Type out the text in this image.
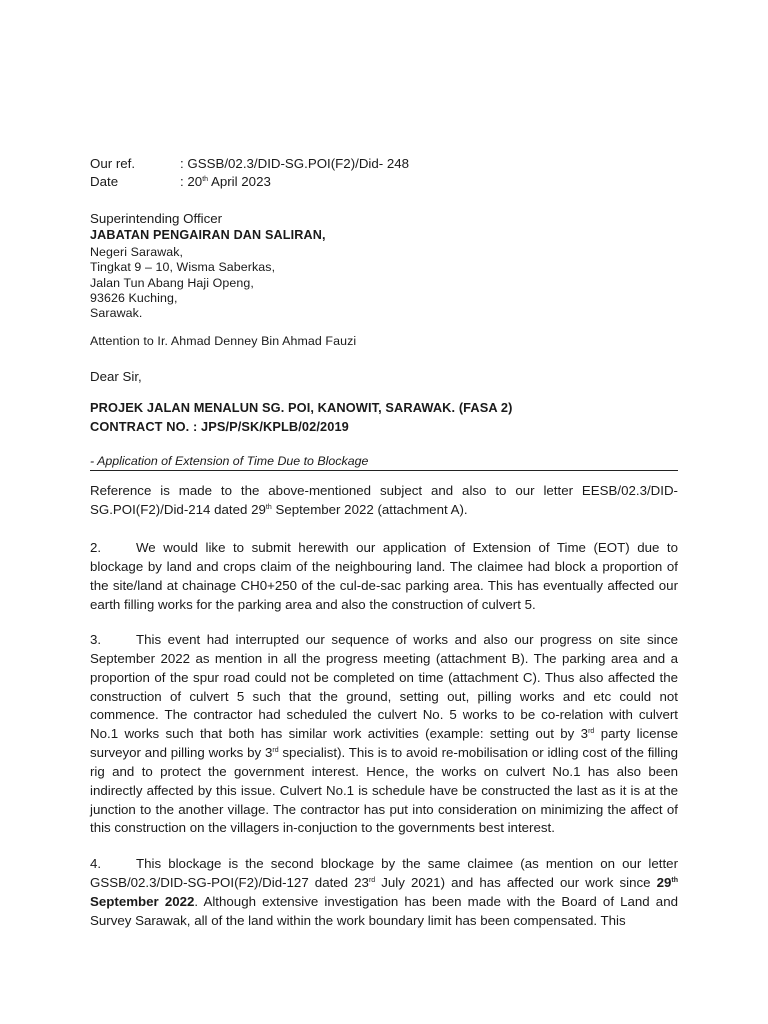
Our ref.	: GSSB/02.3/DID-SG.POI(F2)/Did- 248
Date	: 20th April 2023
Superintending Officer
JABATAN PENGAIRAN DAN SALIRAN,
Negeri Sarawak,
Tingkat 9 – 10, Wisma Saberkas,
Jalan Tun Abang Haji Openg,
93626 Kuching,
Sarawak.
Attention to Ir. Ahmad Denney Bin Ahmad Fauzi
Dear Sir,
PROJEK JALAN MENALUN SG. POI, KANOWIT, SARAWAK. (FASA 2)
CONTRACT NO. : JPS/P/SK/KPLB/02/2019
- Application of Extension of Time Due to Blockage
Reference is made to the above-mentioned subject and also to our letter EESB/02.3/DID-SG.POI(F2)/Did-214 dated 29th September 2022 (attachment A).
2.	We would like to submit herewith our application of Extension of Time (EOT) due to blockage by land and crops claim of the neighbouring land. The claimee had block a proportion of the site/land at chainage CH0+250 of the cul-de-sac parking area. This has eventually affected our earth filling works for the parking area and also the construction of culvert 5.
3.	This event had interrupted our sequence of works and also our progress on site since September 2022 as mention in all the progress meeting (attachment B). The parking area and a proportion of the spur road could not be completed on time (attachment C). Thus also affected the construction of culvert 5 such that the ground, setting out, pilling works and etc could not commence. The contractor had scheduled the culvert No. 5 works to be co-relation with culvert No.1 works such that both has similar work activities (example: setting out by 3rd party license surveyor and pilling works by 3rd specialist). This is to avoid re-mobilisation or idling cost of the filling rig and to protect the government interest. Hence, the works on culvert No.1 has also been indirectly affected by this issue. Culvert No.1 is schedule have be constructed the last as it is at the junction to the another village. The contractor has put into consideration on minimizing the affect of this construction on the villagers in-conjuction to the governments best interest.
4.	This blockage is the second blockage by the same claimee (as mention on our letter GSSB/02.3/DID-SG-POI(F2)/Did-127 dated 23rd July 2021) and has affected our work since 29th September 2022. Although extensive investigation has been made with the Board of Land and Survey Sarawak, all of the land within the work boundary limit has been compensated. This
